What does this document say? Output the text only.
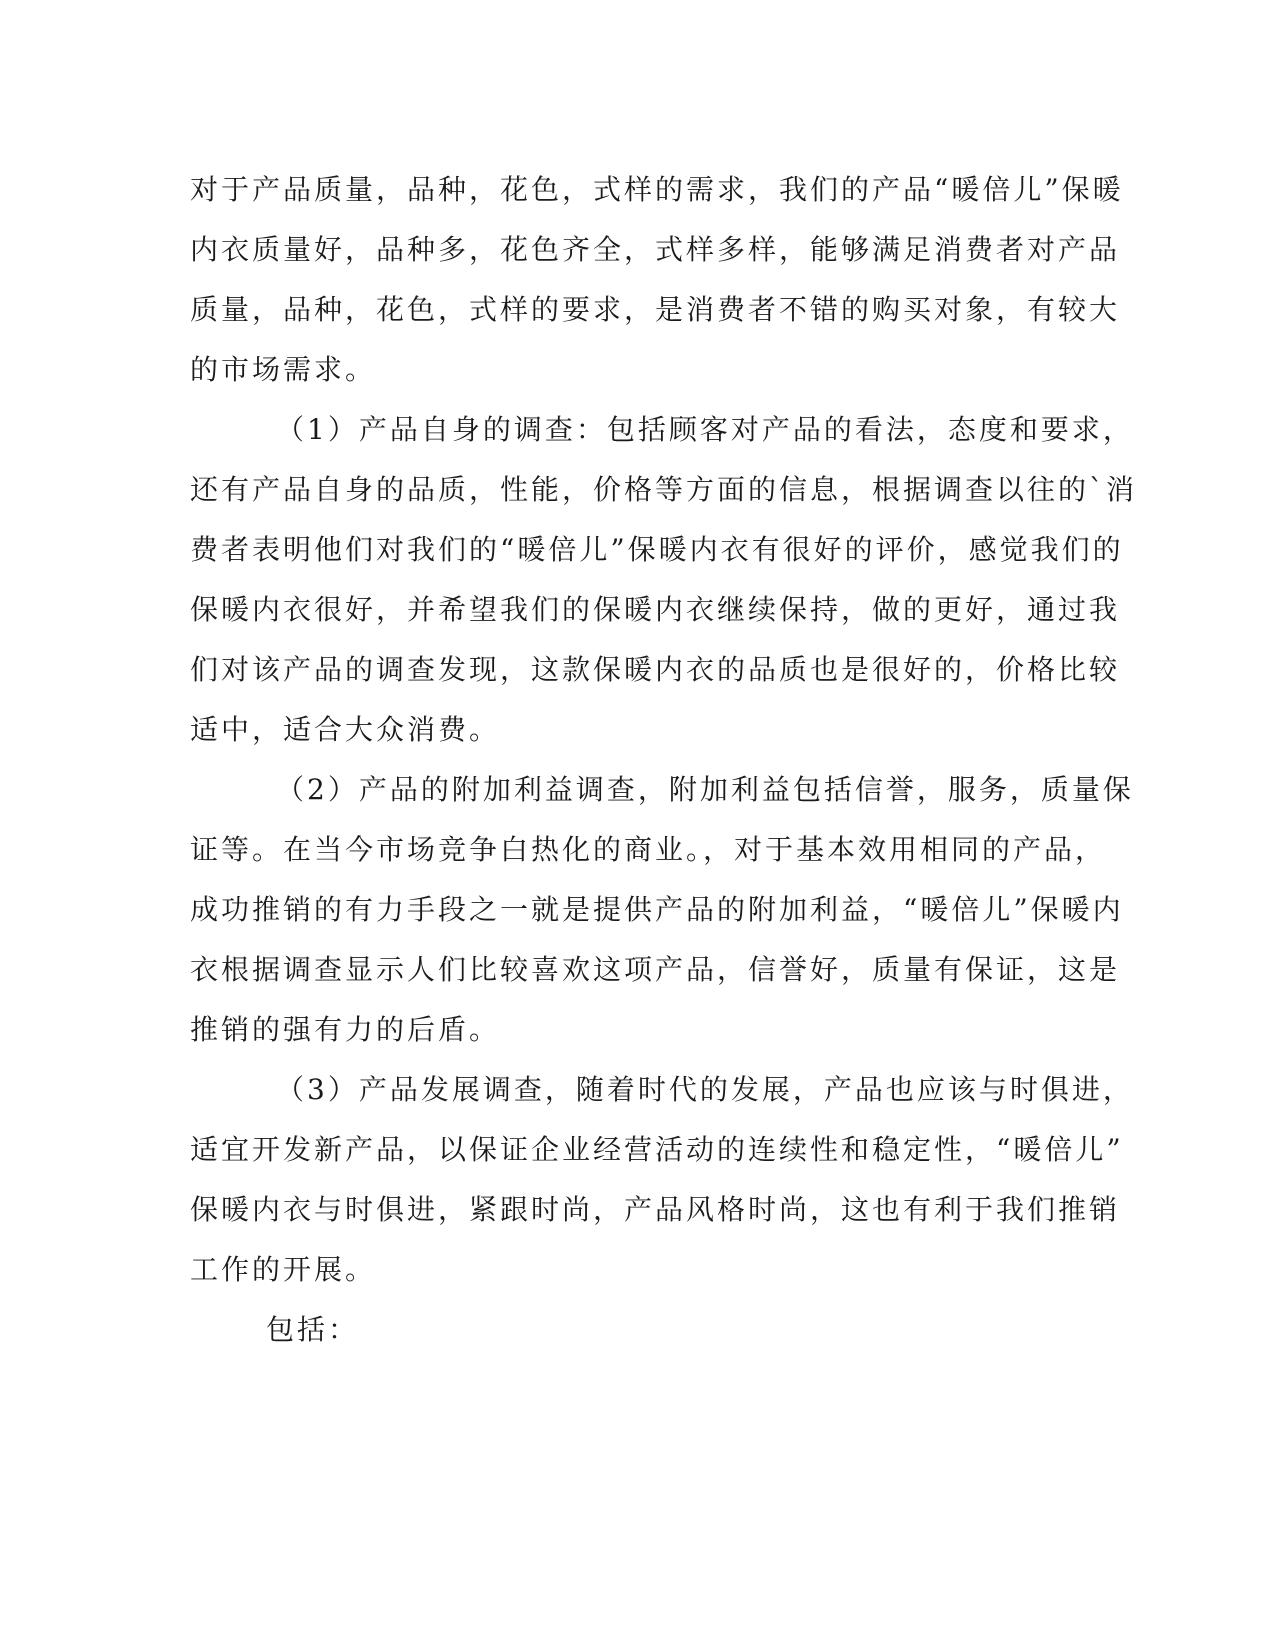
对于产品质量，品种，花色，式样的需求，我们的产品“暖倍儿”保暖
内衣质量好，品种多，花色齐全，式样多样，能够满足消费者对产品
质量，品种，花色，式样的要求，是消费者不错的购买对象，有较大
的市场需求。
（1）产品自身的调查：包括顾客对产品的看法，态度和要求，
还有产品自身的品质，性能，价格等方面的信息，根据调查以往的`消
费者表明他们对我们的“暖倍儿”保暖内衣有很好的评价，感觉我们的
保暖内衣很好，并希望我们的保暖内衣继续保持，做的更好，通过我
们对该产品的调查发现，这款保暖内衣的品质也是很好的，价格比较
适中，适合大众消费。
（2）产品的附加利益调查，附加利益包括信誉，服务，质量保
证等。在当今市场竞争白热化的商业。，对于基本效用相同的产品，
成功推销的有力手段之一就是提供产品的附加利益，“暖倍儿”保暖内
衣根据调查显示人们比较喜欢这项产品，信誉好，质量有保证，这是
推销的强有力的后盾。
（3）产品发展调查，随着时代的发展，产品也应该与时俱进，
适宜开发新产品，以保证企业经营活动的连续性和稳定性，“暖倍儿”
保暖内衣与时俱进，紧跟时尚，产品风格时尚，这也有利于我们推销
工作的开展。
包括：
